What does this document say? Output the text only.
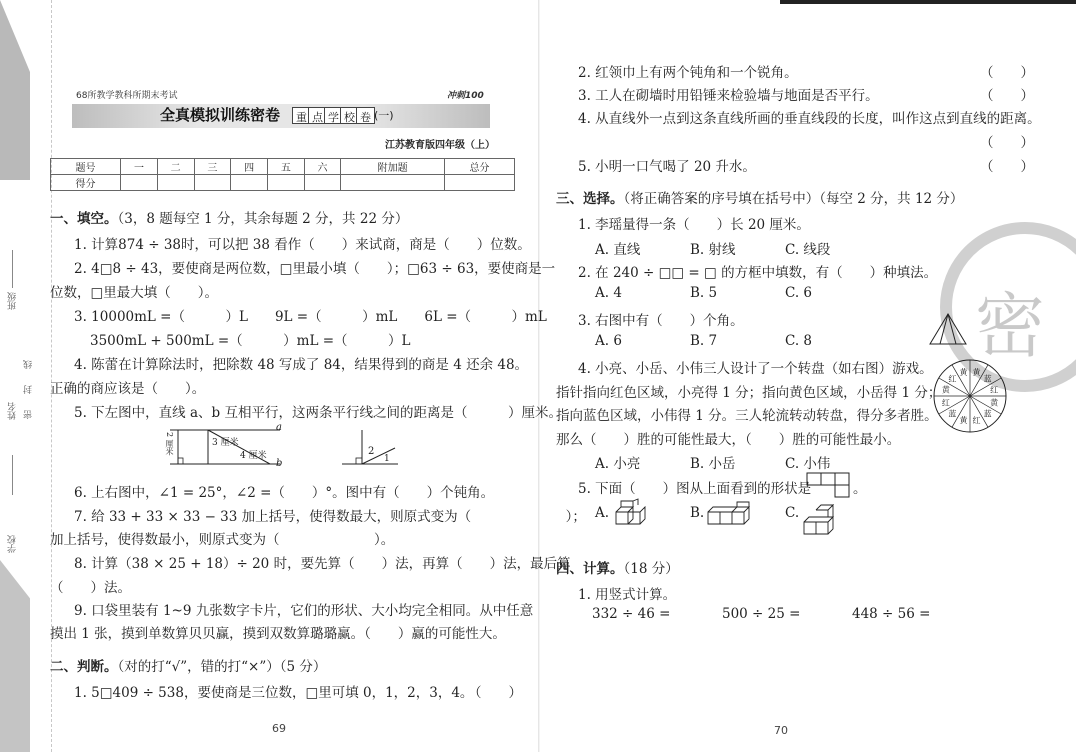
班级
姓名 密
封
线
学校
68所教学教科所期末考试	冲刺100
全真模拟训练密卷	重 点 学 校 卷 (一)
江苏教育版四年级（上）
题号	一	二	三	四	五	六	附加题	总分
得分								
一、填空。（3，8 题每空 1 分，其余每题 2 分，共 22 分）
1. 计算874 ÷ 38时，可以把 38 看作（　　）来试商，商是（　　）位数。
2. 4□8 ÷ 43，要使商是两位数，□里最小填（　　）；□63 ÷ 63，要使商是一
位数，□里最大填（　　）。
3. 10000mL =（　　　）L　　9L =（　　　）mL　　6L =（　　　）mL
3500mL + 500mL =（　　　）mL =（　　　）L
4. 陈蕾在计算除法时，把除数 48 写成了 84，结果得到的商是 4 还余 48。
正确的商应该是（　　）。
5. 下左图中，直线 a、b 互相平行，这两条平行线之间的距离是（　　　）厘米。
a
b
3 厘米
4 厘米
2 厘米	2
1
6. 上右图中，∠1 = 25°，∠2 =（　　）°。图中有（　　）个钝角。
7. 给 33 + 33 × 33 − 33 加上括号，使得数最大，则原式变为（　　　　　　　）；
加上括号，使得数最小，则原式变为（　　　　　　　）。
8. 计算（38 × 25 + 18）÷ 20 时，要先算（　　）法，再算（　　）法，最后算
（　　）法。
9. 口袋里装有 1~9 九张数字卡片，它们的形状、大小均完全相同。从中任意
摸出 1 张，摸到单数算贝贝赢，摸到双数算璐璐赢。（　　）赢的可能性大。
二、判断。（对的打“√”，错的打“×”）（5 分）
1. 5□409 ÷ 538，要使商是三位数，□里可填 0，1，2，3，4。
（　　）
69
密
2. 红领巾上有两个钝角和一个锐角。	（　　）
3. 工人在砌墙时用铅锤来检验墙与地面是否平行。	（　　）
4. 从直线外一点到这条直线所画的垂直线段的长度，叫作这点到直线的距离。
（　　）
5. 小明一口气喝了 20 升水。	（　　）
三、选择。（将正确答案的序号填在括号中）（每空 2 分，共 12 分）
1. 李瑶量得一条（　　）长 20 厘米。
A. 直线	B. 射线	C. 线段
2. 在 240 ÷ □□ = □ 的方框中填数，有（　　）种填法。
A. 4	B. 5	C. 6
3. 右图中有（　　）个角。
A. 6	B. 7	C. 8
4. 小亮、小岳、小伟三人设计了一个转盘（如右图）游戏。
指针指向红色区域，小亮得 1 分；指向黄色区域，小岳得 1 分；
指向蓝色区域，小伟得 1 分。三人轮流转动转盘，得分多者胜。
那么（　　）胜的可能性最大，（　　）胜的可能性最小。
A. 小亮	B. 小岳	C. 小伟
黄
蓝
红
黄
蓝
红
黄
蓝
红
黄
红
黄
5. 下面（　　）图从上面看到的形状是	。
A.	B.	C.
四、计算。（18 分）
1. 用竖式计算。
332 ÷ 46 =	500 ÷ 25 =	448 ÷ 56 =
70
